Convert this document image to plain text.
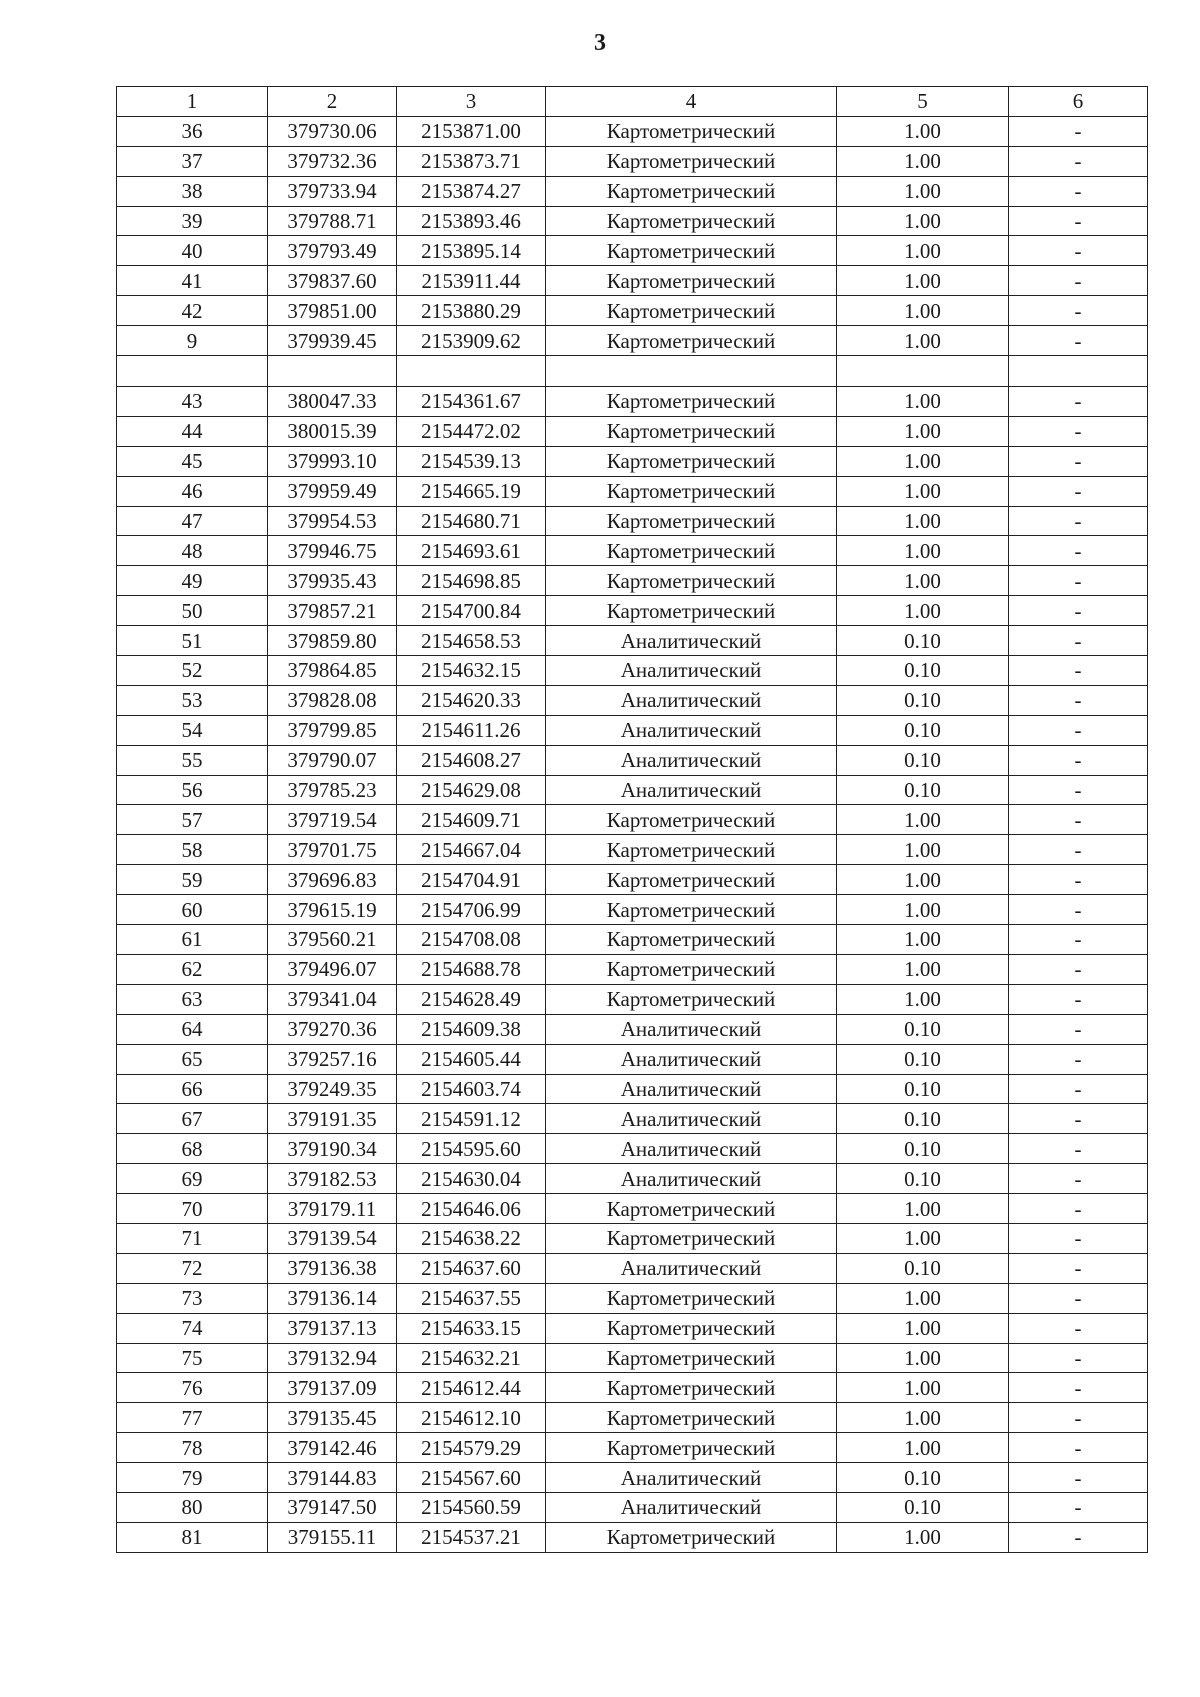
3
1	2	3	4	5	6
36	379730.06	2153871.00	Картометрический	1.00	-
37	379732.36	2153873.71	Картометрический	1.00	-
38	379733.94	2153874.27	Картометрический	1.00	-
39	379788.71	2153893.46	Картометрический	1.00	-
40	379793.49	2153895.14	Картометрический	1.00	-
41	379837.60	2153911.44	Картометрический	1.00	-
42	379851.00	2153880.29	Картометрический	1.00	-
9	379939.45	2153909.62	Картометрический	1.00	-

43	380047.33	2154361.67	Картометрический	1.00	-
44	380015.39	2154472.02	Картометрический	1.00	-
45	379993.10	2154539.13	Картометрический	1.00	-
46	379959.49	2154665.19	Картометрический	1.00	-
47	379954.53	2154680.71	Картометрический	1.00	-
48	379946.75	2154693.61	Картометрический	1.00	-
49	379935.43	2154698.85	Картометрический	1.00	-
50	379857.21	2154700.84	Картометрический	1.00	-
51	379859.80	2154658.53	Аналитический	0.10	-
52	379864.85	2154632.15	Аналитический	0.10	-
53	379828.08	2154620.33	Аналитический	0.10	-
54	379799.85	2154611.26	Аналитический	0.10	-
55	379790.07	2154608.27	Аналитический	0.10	-
56	379785.23	2154629.08	Аналитический	0.10	-
57	379719.54	2154609.71	Картометрический	1.00	-
58	379701.75	2154667.04	Картометрический	1.00	-
59	379696.83	2154704.91	Картометрический	1.00	-
60	379615.19	2154706.99	Картометрический	1.00	-
61	379560.21	2154708.08	Картометрический	1.00	-
62	379496.07	2154688.78	Картометрический	1.00	-
63	379341.04	2154628.49	Картометрический	1.00	-
64	379270.36	2154609.38	Аналитический	0.10	-
65	379257.16	2154605.44	Аналитический	0.10	-
66	379249.35	2154603.74	Аналитический	0.10	-
67	379191.35	2154591.12	Аналитический	0.10	-
68	379190.34	2154595.60	Аналитический	0.10	-
69	379182.53	2154630.04	Аналитический	0.10	-
70	379179.11	2154646.06	Картометрический	1.00	-
71	379139.54	2154638.22	Картометрический	1.00	-
72	379136.38	2154637.60	Аналитический	0.10	-
73	379136.14	2154637.55	Картометрический	1.00	-
74	379137.13	2154633.15	Картометрический	1.00	-
75	379132.94	2154632.21	Картометрический	1.00	-
76	379137.09	2154612.44	Картометрический	1.00	-
77	379135.45	2154612.10	Картометрический	1.00	-
78	379142.46	2154579.29	Картометрический	1.00	-
79	379144.83	2154567.60	Аналитический	0.10	-
80	379147.50	2154560.59	Аналитический	0.10	-
81	379155.11	2154537.21	Картометрический	1.00	-
